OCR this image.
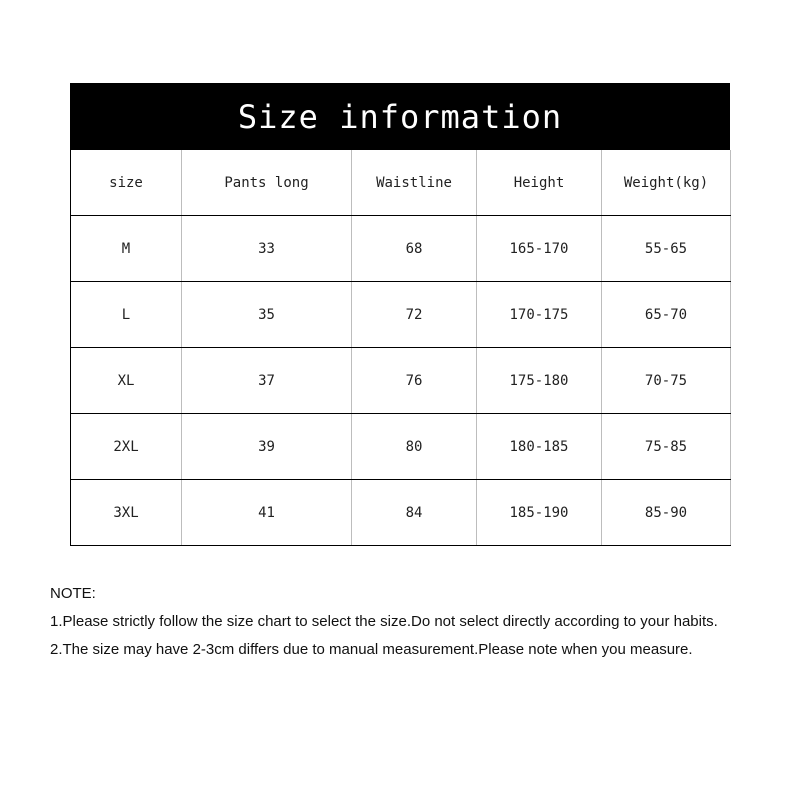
Size information
size	Pants long	Waistline	Height	Weight(kg)
M	33	68	165-170	55-65
L	35	72	170-175	65-70
XL	37	76	175-180	70-75
2XL	39	80	180-185	75-85
3XL	41	84	185-190	85-90
NOTE:
1.Please strictly follow the size chart to select the size.Do not select directly according to your habits.
2.The size may have 2-3cm differs due to manual measurement.Please note when you measure.
